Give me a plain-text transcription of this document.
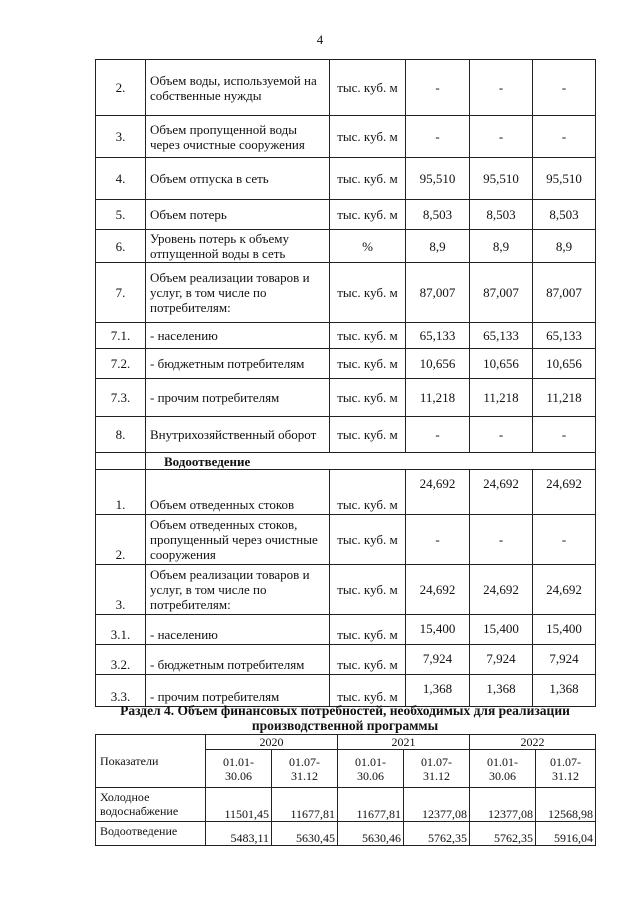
4
2.	Объем воды, используемой на собственные нужды	тыс. куб. м	-	-	-
3.	Объем пропущенной воды через очистные сооружения	тыс. куб. м	-	-	-
4.	Объем отпуска в сеть	тыс. куб. м	95,510	95,510	95,510
5.	Объем потерь	тыс. куб. м	8,503	8,503	8,503
6.	Уровень потерь к объему отпущенной воды в сеть	%	8,9	8,9	8,9
7.	Объем реализации товаров и услуг, в том числе по потребителям:	тыс. куб. м	87,007	87,007	87,007
7.1.	- населению	тыс. куб. м	65,133	65,133	65,133
7.2.	- бюджетным потребителям	тыс. куб. м	10,656	10,656	10,656
7.3.	- прочим потребителям	тыс. куб. м	11,218	11,218	11,218
8.	Внутрихозяйственный оборот	тыс. куб. м	-	-	-
	Водоотведение				
1.	Объем отведенных стоков	тыс. куб. м	24,692	24,692	24,692
2.	Объем отведенных стоков, пропущенный через очистные сооружения	тыс. куб. м	-	-	-
3.	Объем реализации товаров и услуг, в том числе по потребителям:	тыс. куб. м	24,692	24,692	24,692
3.1.	- населению	тыс. куб. м	15,400	15,400	15,400
3.2.	- бюджетным потребителям	тыс. куб. м	7,924	7,924	7,924
3.3.	- прочим потребителям	тыс. куб. м	1,368	1,368	1,368
Раздел 4. Объем финансовых потребностей, необходимых для реализации производственной программы
Показатели	2020		2021		2022	
	01.01-30.06	01.07-31.12	01.01-30.06	01.07-31.12	01.01-30.06	01.07-31.12
Холодное водоснабжение	11501,45	11677,81	11677,81	12377,08	12377,08	12568,98
Водоотведение	5483,11	5630,45	5630,46	5762,35	5762,35	5916,04
